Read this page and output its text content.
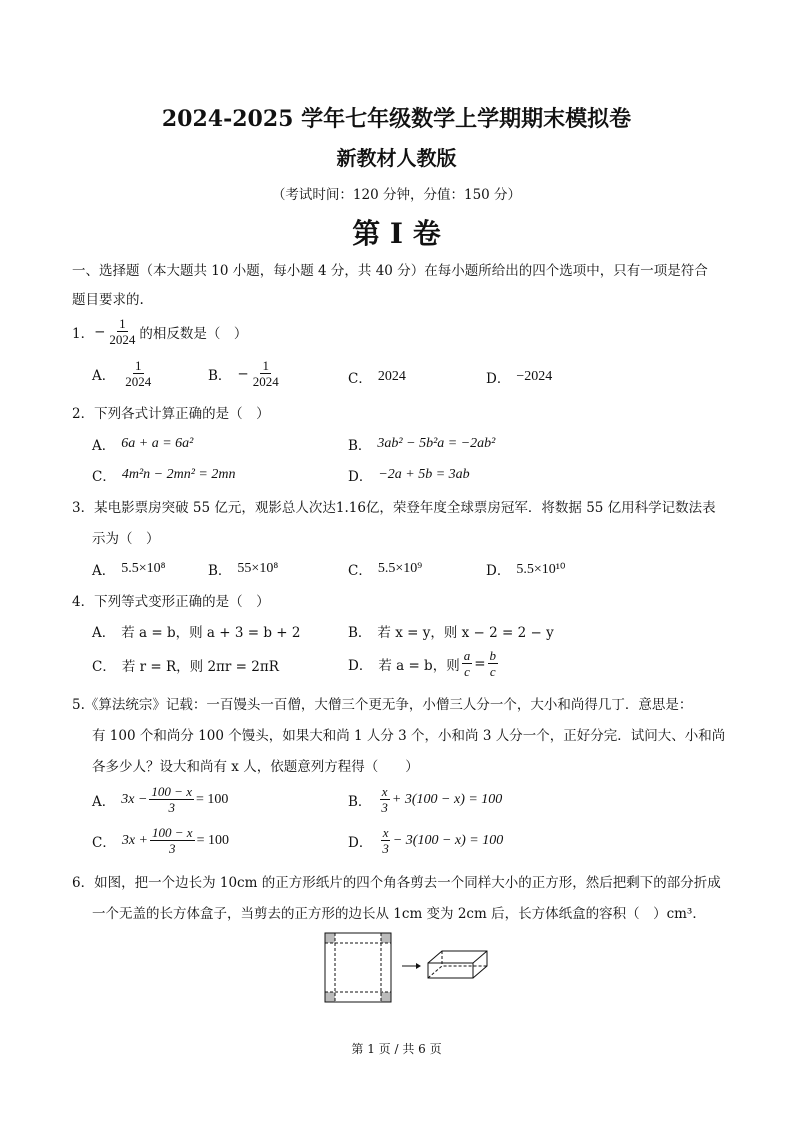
2024-2025 学年七年级数学上学期期末模拟卷
新教材人教版
（考试时间：120 分钟，分值：150 分）
第 I 卷
一、选择题（本大题共 10 小题，每小题 4 分，共 40 分）在每小题所给出的四个选项中，只有一项是符合
题目要求的.
1． − $\frac{1}{2024}$ 的相反数是（　）
A． $\frac{1}{2024}$	B． − $\frac{1}{2024}$	C． 2024	D． −2024
2．下列各式计算正确的是（　）
A． 6a + a = 6a²	B． 3ab² − 5b²a = −2ab²
C． 4m²n − 2mn² = 2mn	D． −2a + 5b = 3ab
3．某电影票房突破 55 亿元，观影总人次达1.16亿，荣登年度全球票房冠军．将数据 55 亿用科学记数法表
示为（　）
A． 5.5×10⁸	B． 55×10⁸	C． 5.5×10⁹	D． 5.5×10¹⁰
4．下列等式变形正确的是（　）
A． 若 a = b，则 a + 3 = b + 2	B． 若 x = y，则 x − 2 = 2 − y
C． 若 r = R，则 2πr = 2πR	D． 若 a = b，则 $\frac{a}{c} = \frac{b}{c}$
5.《算法统宗》记载：一百馒头一百僧，大僧三个更无争，小僧三人分一个，大小和尚得几丁．意思是：
有 100 个和尚分 100 个馒头，如果大和尚 1 人分 3 个，小和尚 3 人分一个，正好分完．试问大、小和尚
各多少人？设大和尚有 x 人，依题意列方程得（　　）
A． $3x - \frac{100 - x}{3} = 100$	B． $\frac{x}{3} + 3(100 - x) = 100$
C． $3x + \frac{100 - x}{3} = 100$	D． $\frac{x}{3} - 3(100 - x) = 100$
6．如图，把一个边长为 10cm 的正方形纸片的四个角各剪去一个同样大小的正方形，然后把剩下的部分折成
一个无盖的长方体盒子，当剪去的正方形的边长从 1cm 变为 2cm 后，长方体纸盒的容积（　）cm³．
第 1 页 / 共 6 页
